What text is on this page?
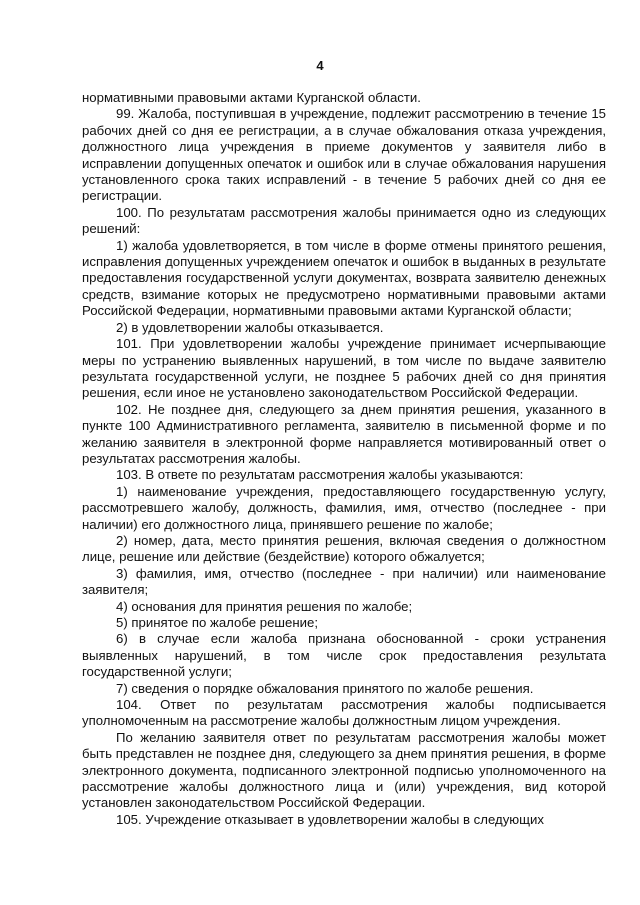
4

нормативными правовыми актами Курганской области.

99. Жалоба, поступившая в учреждение, подлежит рассмотрению в течение 15 рабочих дней со дня ее регистрации, а в случае обжалования отказа учреждения, должностного лица учреждения в приеме документов у заявителя либо в исправлении допущенных опечаток и ошибок или в случае обжалования нарушения установленного срока таких исправлений - в течение 5 рабочих дней со дня ее регистрации.

100. По результатам рассмотрения жалобы принимается одно из следующих решений:

1) жалоба удовлетворяется, в том числе в форме отмены принятого решения, исправления допущенных учреждением опечаток и ошибок в выданных в результате предоставления государственной услуги документах, возврата заявителю денежных средств, взимание которых не предусмотрено нормативными правовыми актами Российской Федерации, нормативными правовыми актами Курганской области;

2) в удовлетворении жалобы отказывается.

101. При удовлетворении жалобы учреждение принимает исчерпывающие меры по устранению выявленных нарушений, в том числе по выдаче заявителю результата государственной услуги, не позднее 5 рабочих дней со дня принятия решения, если иное не установлено законодательством Российской Федерации.

102. Не позднее дня, следующего за днем принятия решения, указанного в пункте 100 Административного регламента, заявителю в письменной форме и по желанию заявителя в электронной форме направляется мотивированный ответ о результатах рассмотрения жалобы.

103. В ответе по результатам рассмотрения жалобы указываются:

1) наименование учреждения, предоставляющего государственную услугу, рассмотревшего жалобу, должность, фамилия, имя, отчество (последнее - при наличии) его должностного лица, принявшего решение по жалобе;

2) номер, дата, место принятия решения, включая сведения о должностном лице, решение или действие (бездействие) которого обжалуется;

3) фамилия, имя, отчество (последнее - при наличии) или наименование заявителя;

4) основания для принятия решения по жалобе;

5) принятое по жалобе решение;

6) в случае если жалоба признана обоснованной - сроки устранения выявленных нарушений, в том числе срок предоставления результата государственной услуги;

7) сведения о порядке обжалования принятого по жалобе решения.

104. Ответ по результатам рассмотрения жалобы подписывается уполномоченным на рассмотрение жалобы должностным лицом учреждения.

По желанию заявителя ответ по результатам рассмотрения жалобы может быть представлен не позднее дня, следующего за днем принятия решения, в форме электронного документа, подписанного электронной подписью уполномоченного на рассмотрение жалобы должностного лица и (или) учреждения, вид которой установлен законодательством Российской Федерации.

105. Учреждение отказывает в удовлетворении жалобы в следующих
